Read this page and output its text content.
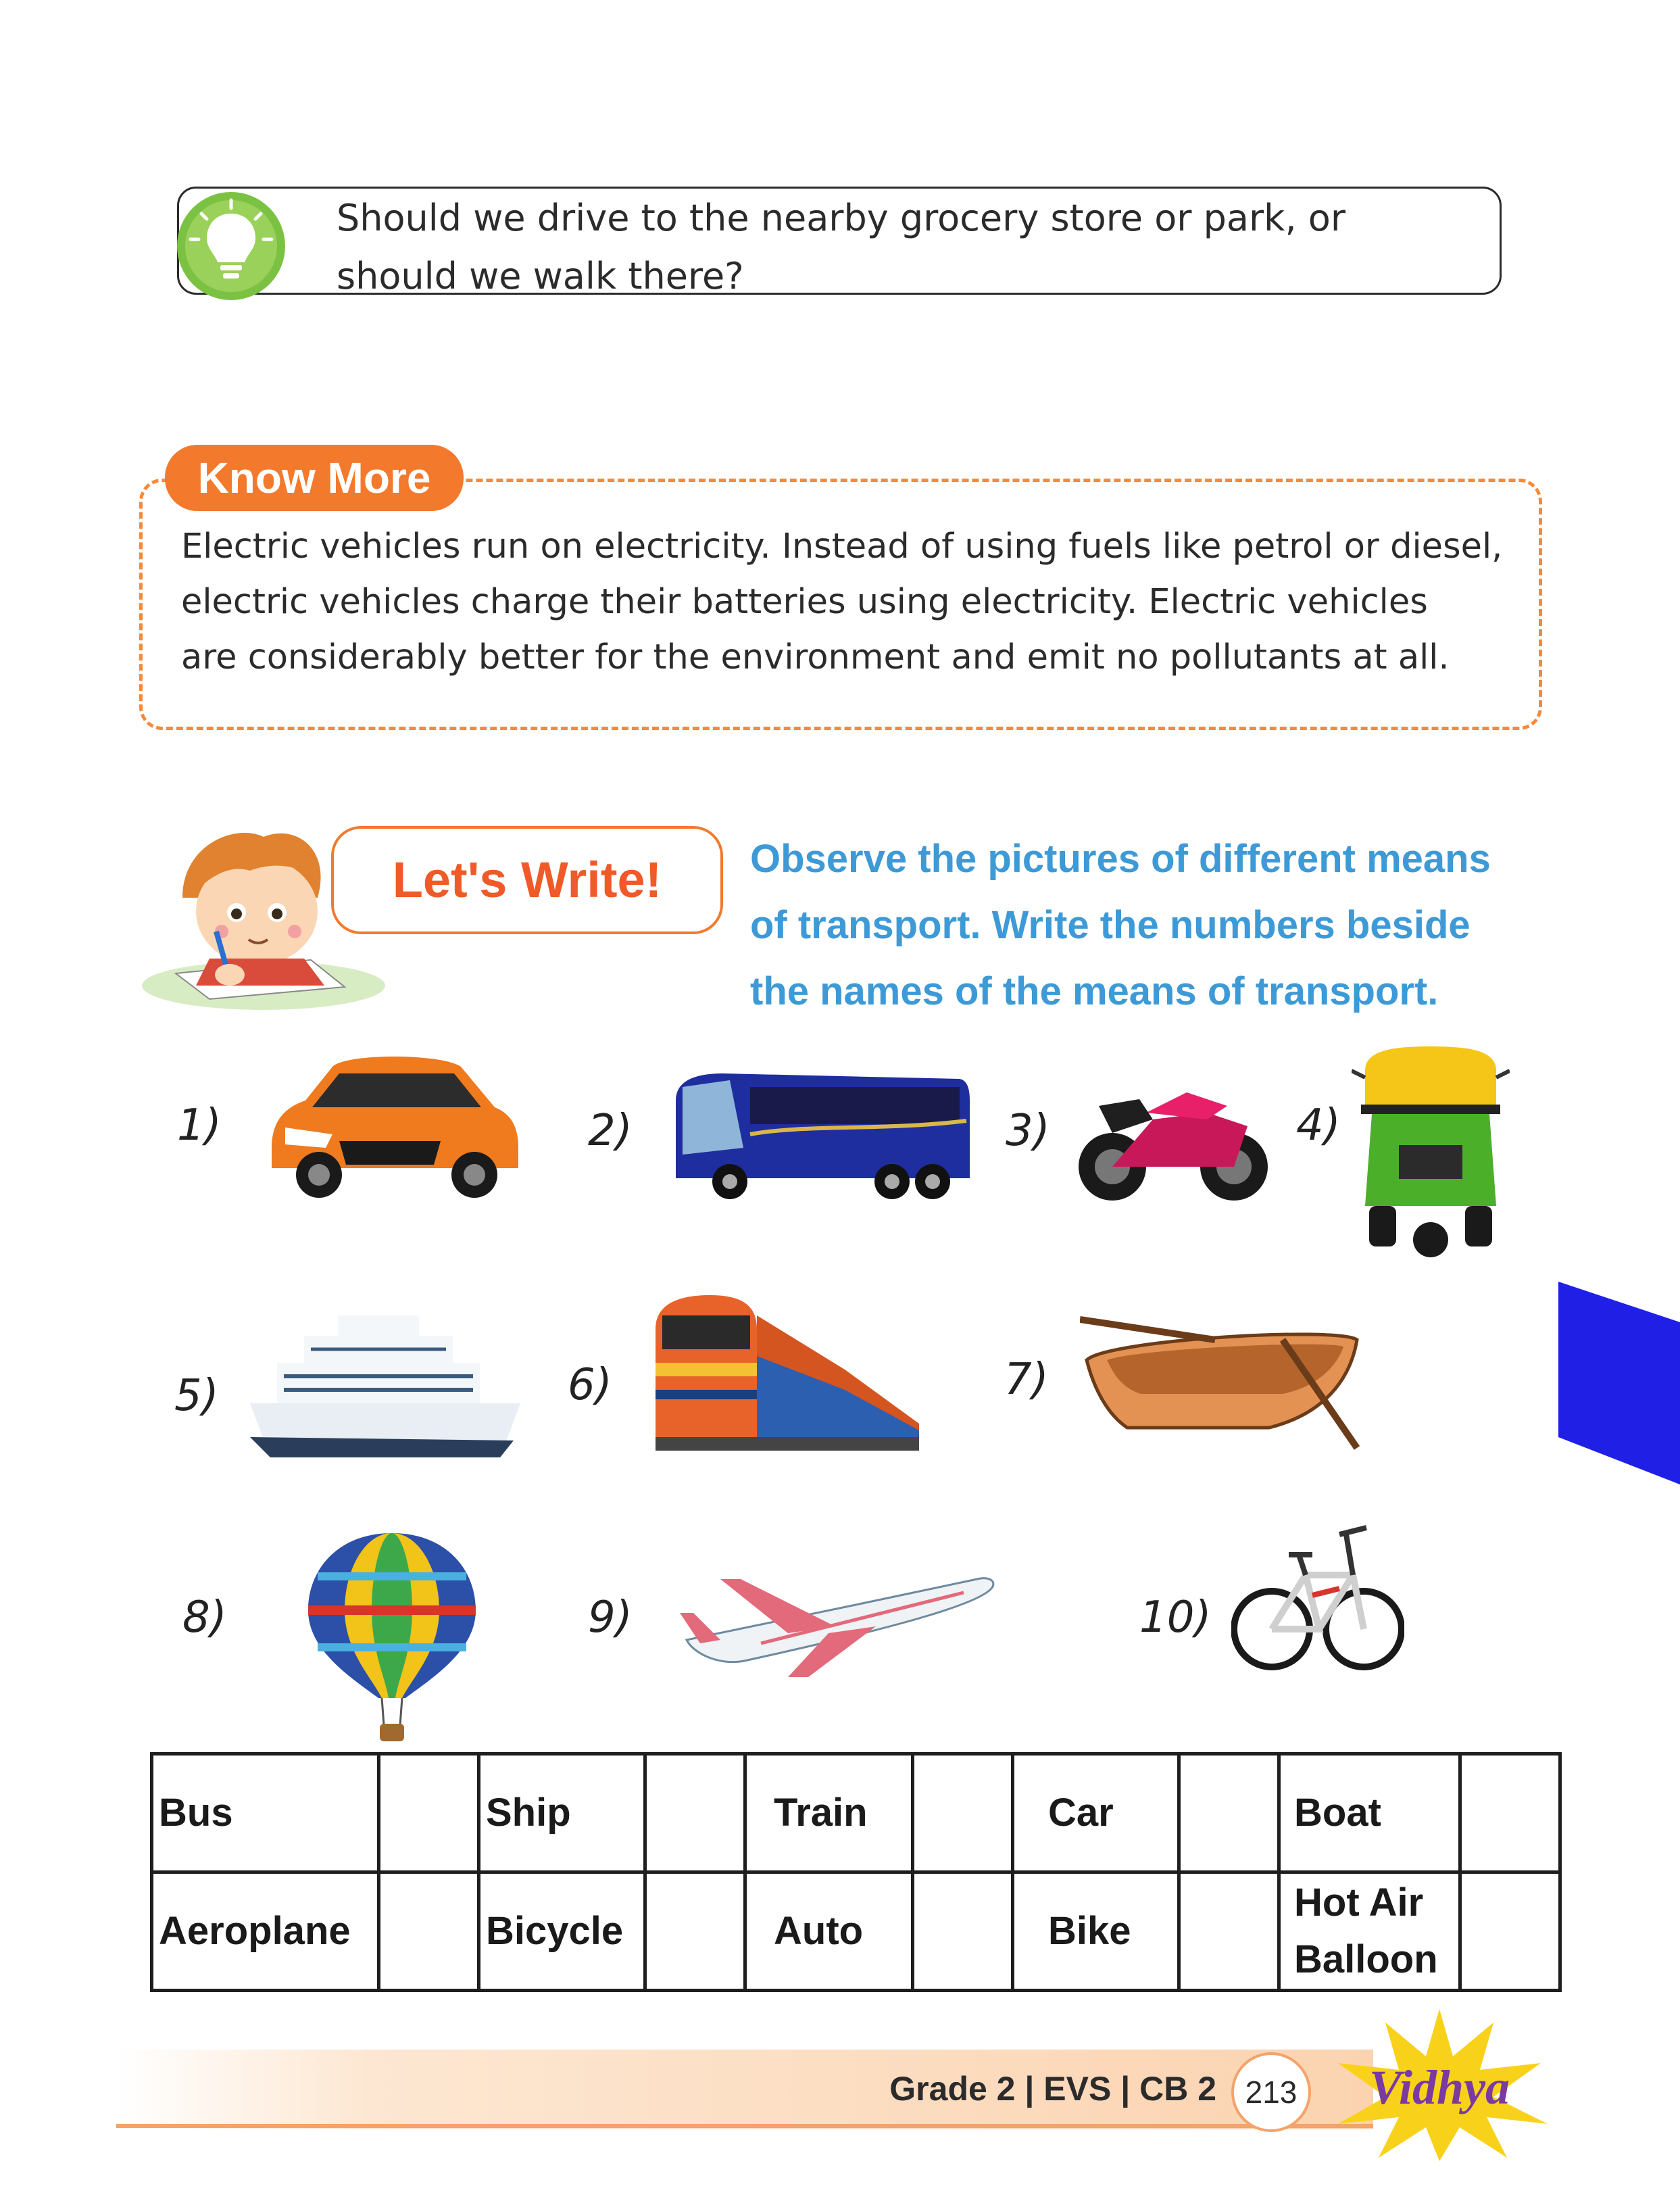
Should we drive to the nearby grocery store or park, or
should we walk there?
Know More
Electric vehicles run on electricity. Instead of using fuels like petrol or diesel,
electric vehicles charge their batteries using electricity. Electric vehicles
are considerably better for the environment and emit no pollutants at all.
Let's Write!	Observe the pictures of different means
of transport. Write the numbers beside
the names of the means of transport.
1)	2)	3)	4)
5)	6)	7)
8)	9)	10)
Bus		Ship		Train		Car		Boat	
Aeroplane		Bicycle		Auto		Bike		Hot Air Balloon	
Grade 2 | EVS | CB 2 213 Vidhya
